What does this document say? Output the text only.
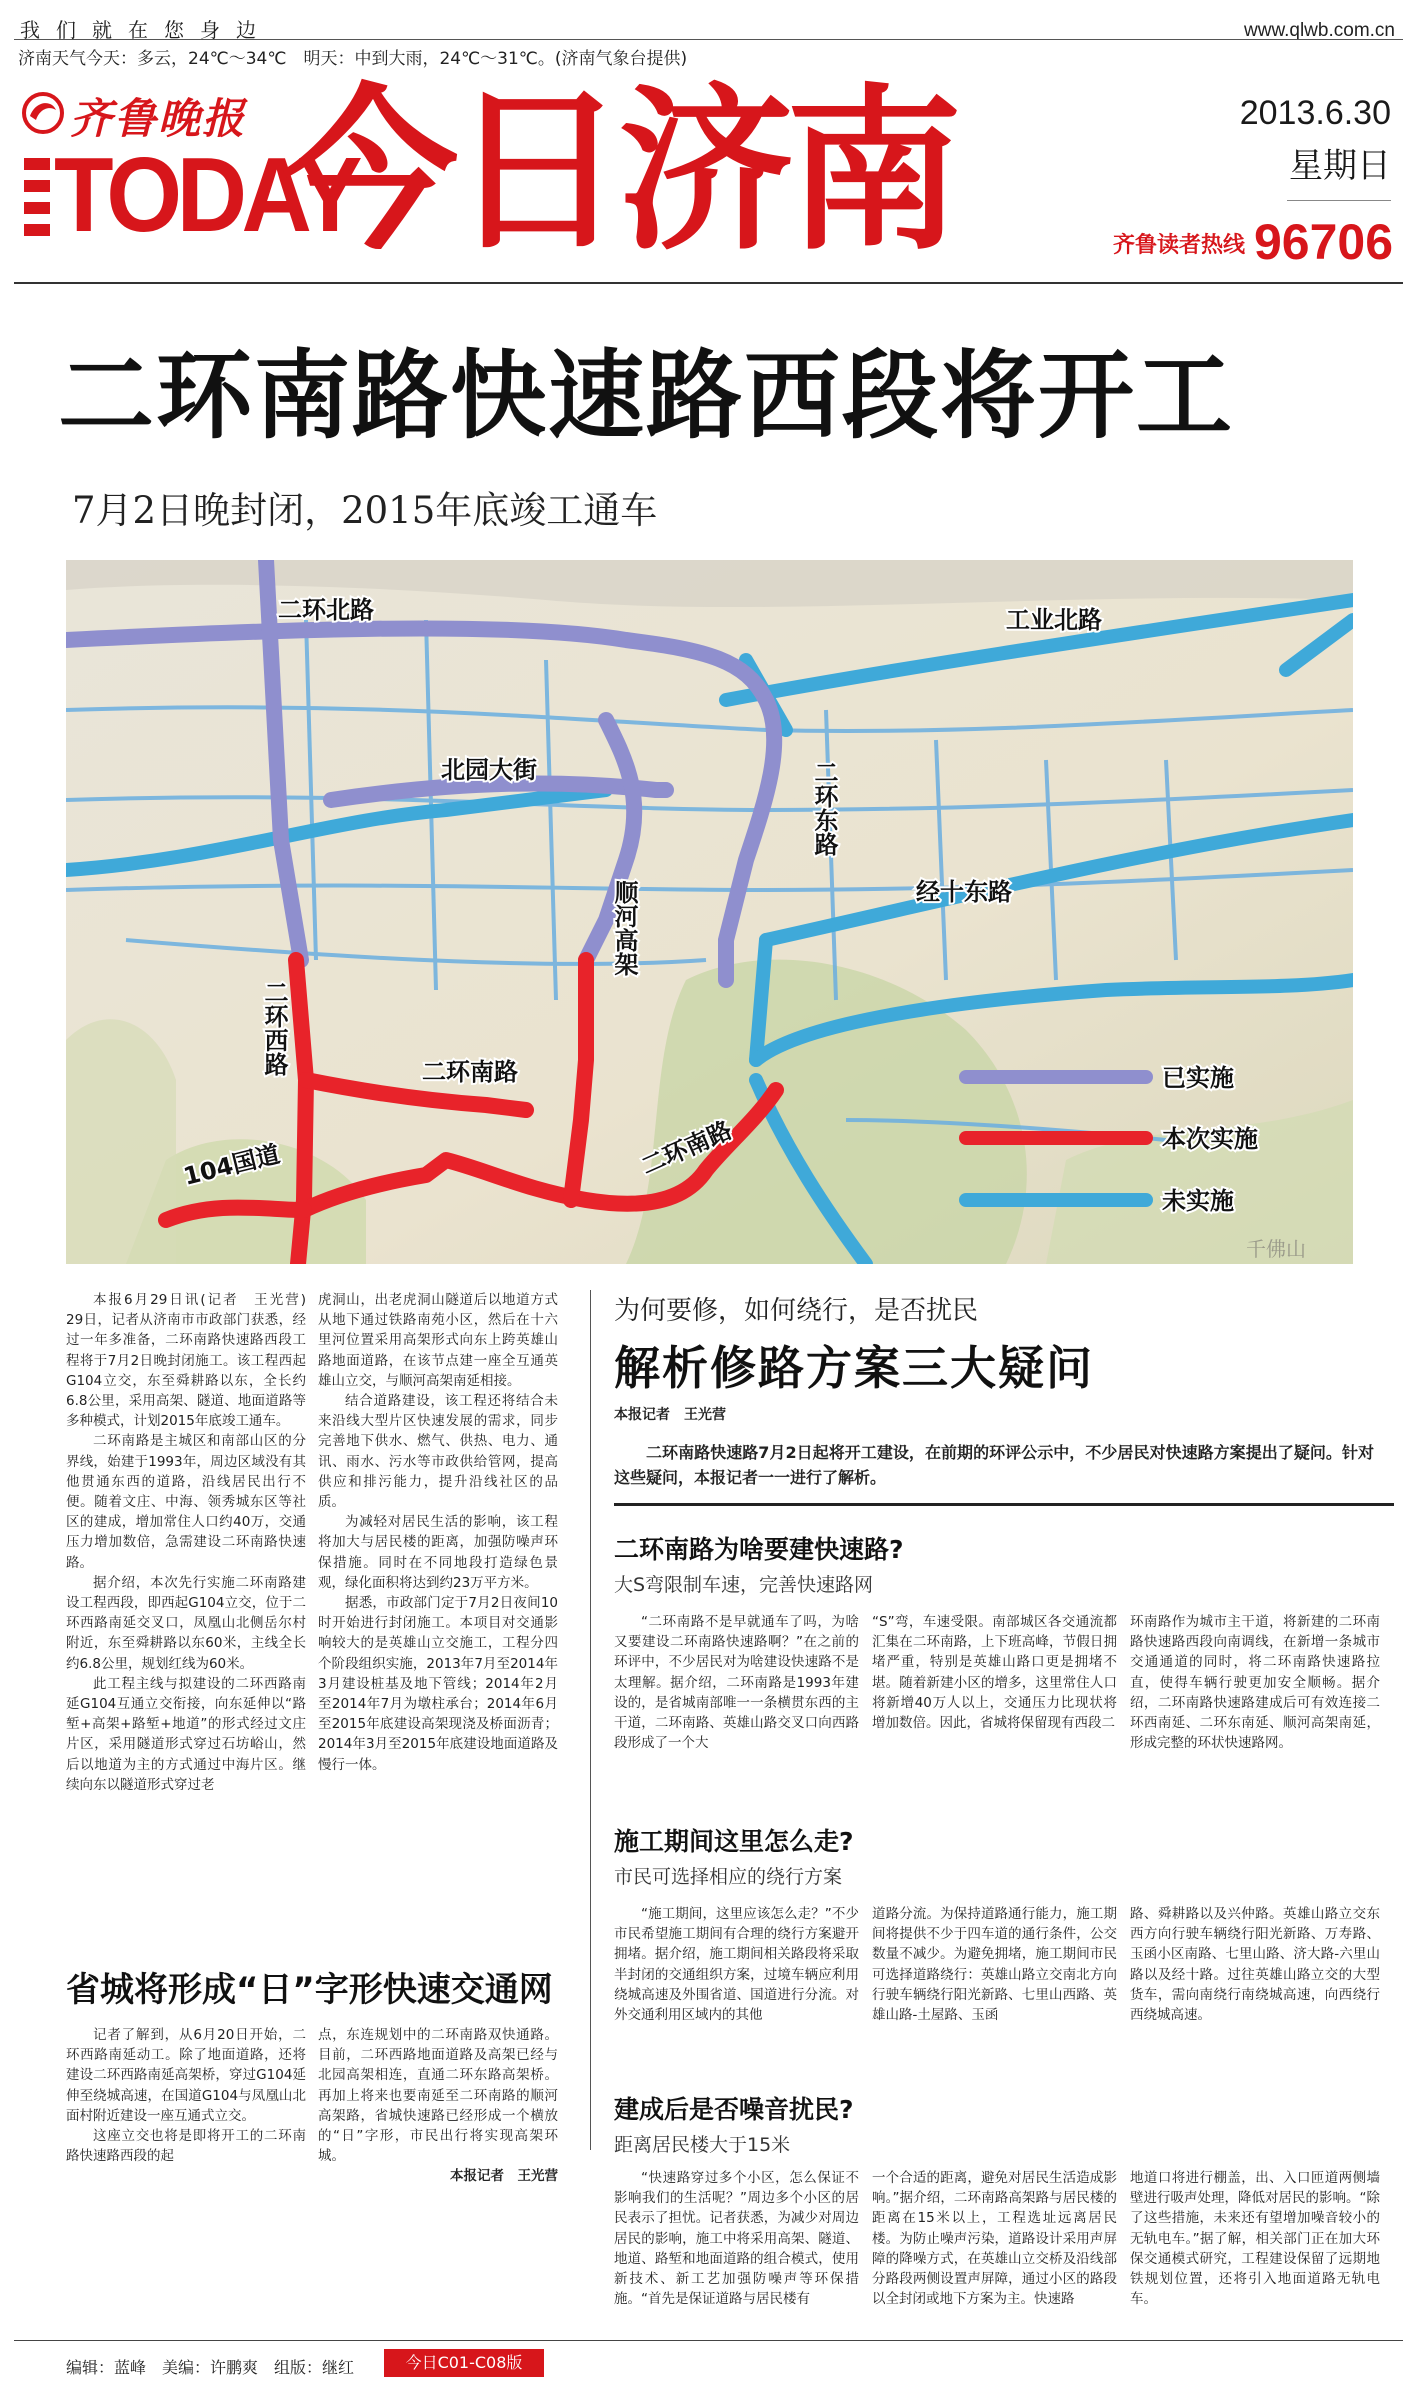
我们就在您身边	www.qlwb.com.cn
济南天气今天：多云，24℃～34℃　明天：中到大雨，24℃～31℃。(济南气象台提供)
齐鲁晚报
TODAY
今日济南	2013.6.30
星期日
齐鲁读者热线 96706
二环南路快速路西段将开工
7月2日晚封闭，2015年底竣工通车
二环北路	工业北路
北园大街
经十东路
二环南路
二环南路
104国道
二环东路
顺河高架
二环西路
已实施
本次实施
未实施
千佛山

本报6月29日讯(记者　王光营)　29日，记者从济南市市政部门获悉，经过一年多准备，二环南路快速路西段工程将于7月2日晚封闭施工。该工程西起G104立交，东至舜耕路以东，全长约6.8公里，采用高架、隧道、地面道路等多种模式，计划2015年底竣工通车。

二环南路是主城区和南部山区的分界线，始建于1993年，周边区域没有其他贯通东西的道路，沿线居民出行不便。随着文庄、中海、领秀城东区等社区的建成，增加常住人口约40万，交通压力增加数倍，急需建设二环南路快速路。

据介绍，本次先行实施二环南路建设工程西段，即西起G104立交，位于二环西路南延交叉口，凤凰山北侧岳尔村附近，东至舜耕路以东60米，主线全长约6.8公里，规划红线为60米。

此工程主线与拟建设的二环西路南延G104互通立交衔接，向东延伸以“路堑+高架+路堑+地道”的形式经过文庄片区，采用隧道形式穿过石坊峪山，然后以地道为主的方式通过中海片区。继续向东以隧道形式穿过老

虎洞山，出老虎洞山隧道后以地道方式从地下通过铁路南苑小区，然后在十六里河位置采用高架形式向东上跨英雄山路地面道路，在该节点建一座全互通英雄山立交，与顺河高架南延相接。

结合道路建设，该工程还将结合未来沿线大型片区快速发展的需求，同步完善地下供水、燃气、供热、电力、通讯、雨水、污水等市政供给管网，提高供应和排污能力，提升沿线社区的品质。

为减轻对居民生活的影响，该工程将加大与居民楼的距离，加强防噪声环保措施。同时在不同地段打造绿色景观，绿化面积将达到约23万平方米。

据悉，市政部门定于7月2日夜间10时开始进行封闭施工。本项目对交通影响较大的是英雄山立交施工，工程分四个阶段组织实施，2013年7月至2014年3月建设桩基及地下管线；2014年2月至2014年7月为墩柱承台；2014年6月至2015年底建设高架现浇及桥面沥青；2014年3月至2015年底建设地面道路及慢行一体。

省城将形成“日”字形快速交通网

记者了解到，从6月20日开始，二环西路南延动工。除了地面道路，还将建设二环西路南延高架桥，穿过G104延伸至绕城高速，在国道G104与凤凰山北面村附近建设一座互通式立交。

这座立交也将是即将开工的二环南路快速路西段的起

点，东连规划中的二环南路双快通路。目前，二环西路地面道路及高架已经与北园高架相连，直通二环东路高架桥。再加上将来也要南延至二环南路的顺河高架路，省城快速路已经形成一个横放的“日”字形，市民出行将实现高架环城。

本报记者　王光营

为何要修，如何绕行，是否扰民
解析修路方案三大疑问
本报记者　王光营
二环南路快速路7月2日起将开工建设，在前期的环评公示中，不少居民对快速路方案提出了疑问。针对这些疑问，本报记者一一进行了解析。
二环南路为啥要建快速路?
大S弯限制车速，完善快速路网

“二环南路不是早就通车了吗，为啥又要建设二环南路快速路啊？”在之前的环评中，不少居民对为啥建设快速路不是太理解。据介绍，二环南路是1993年建设的，是省城南部唯一一条横贯东西的主干道，二环南路、英雄山路交叉口向西路段形成了一个大

“S”弯，车速受限。南部城区各交通流都汇集在二环南路，上下班高峰，节假日拥堵严重，特别是英雄山路口更是拥堵不堪。随着新建小区的增多，这里常住人口将新增40万人以上，交通压力比现状将增加数倍。因此，省城将保留现有西段二

环南路作为城市主干道，将新建的二环南路快速路西段向南调线，在新增一条城市交通通道的同时，将二环南路快速路拉直，使得车辆行驶更加安全顺畅。据介绍，二环南路快速路建成后可有效连接二环西南延、二环东南延、顺河高架南延，形成完整的环状快速路网。

施工期间这里怎么走?
市民可选择相应的绕行方案

“施工期间，这里应该怎么走？”不少市民希望施工期间有合理的绕行方案避开拥堵。据介绍，施工期间相关路段将采取半封闭的交通组织方案，过境车辆应利用绕城高速及外围省道、国道进行分流。对外交通利用区域内的其他

道路分流。为保持道路通行能力，施工期间将提供不少于四车道的通行条件，公交数量不减少。为避免拥堵，施工期间市民可选择道路绕行：英雄山路立交南北方向行驶车辆绕行阳光新路、七里山西路、英雄山路-土屋路、玉函

路、舜耕路以及兴仲路。英雄山路立交东西方向行驶车辆绕行阳光新路、万寿路、玉函小区南路、七里山路、济大路-六里山路以及经十路。过往英雄山路立交的大型货车，需向南绕行南绕城高速，向西绕行西绕城高速。

建成后是否噪音扰民?
距离居民楼大于15米

“快速路穿过多个小区，怎么保证不影响我们的生活呢？”周边多个小区的居民表示了担忧。记者获悉，为减少对周边居民的影响，施工中将采用高架、隧道、地道、路堑和地面道路的组合模式，使用新技术、新工艺加强防噪声等环保措施。“首先是保证道路与居民楼有

一个合适的距离，避免对居民生活造成影响。”据介绍，二环南路高架路与居民楼的距离在15米以上，工程选址远离居民楼。为防止噪声污染，道路设计采用声屏障的降噪方式，在英雄山立交桥及沿线部分路段两侧设置声屏障，通过小区的路段以全封闭或地下方案为主。快速路

地道口将进行棚盖，出、入口匝道两侧墙壁进行吸声处理，降低对居民的影响。“除了这些措施，未来还有望增加噪音较小的无轨电车。”据了解，相关部门正在加大环保交通模式研究，工程建设保留了远期地铁规划位置，还将引入地面道路无轨电车。

编辑：蓝峰　美编：许鹏爽　组版：继红	今日C01-C08版
